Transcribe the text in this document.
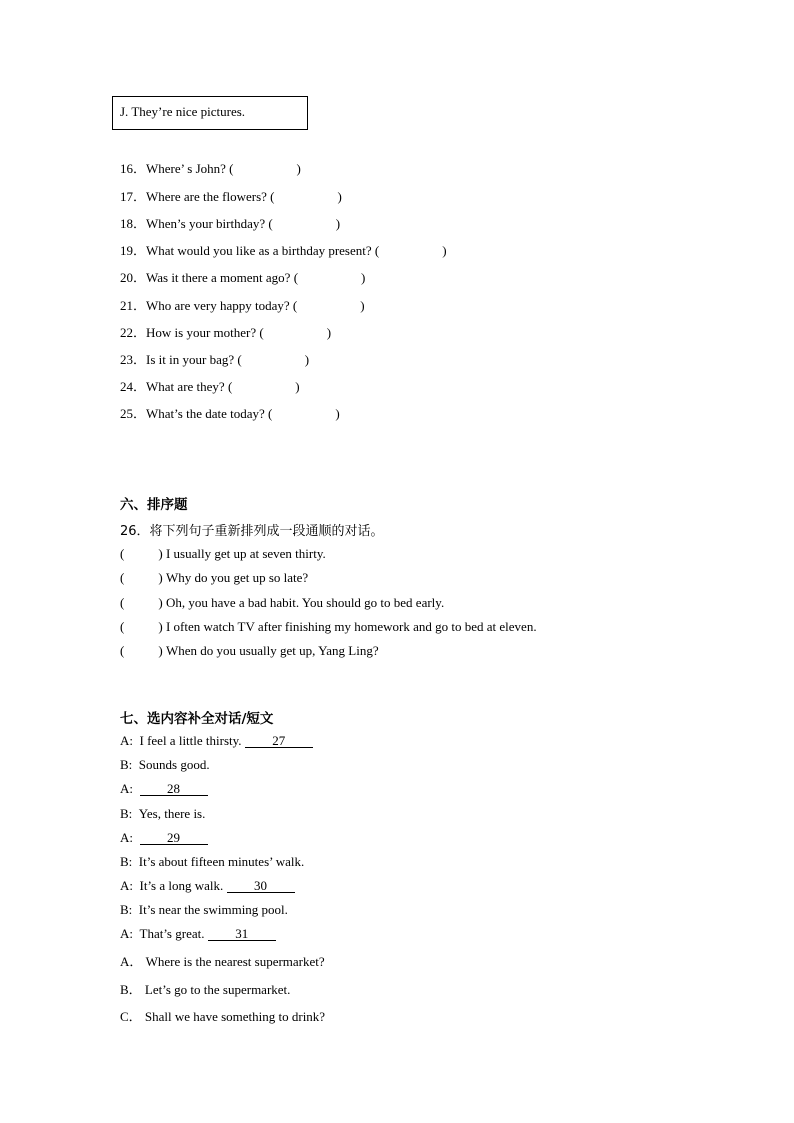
J. They’re nice pictures.
16．Where’ s John? (	)
17．Where are the flowers? (	)
18．When’s your birthday? (	)
19．What would you like as a birthday present? (	)
20．Was it there a moment ago? (	)
21．Who are very happy today? (	)
22．How is your mother? (	)
23．Is it in your bag? (	)
24．What are they? (	)
25．What’s the date today? (	)
六、排序题
26．将下列句子重新排列成一段通顺的对话。
(	) I usually get up at seven thirty.
(	) Why do you get up so late?
(	) Oh, you have a bad habit. You should go to bed early.
(	) I often watch TV after finishing my homework and go to bed at eleven.
(	) When do you usually get up, Yang Ling?
七、选内容补全对话/短文
A: I feel a little thirsty. 27
B: Sounds good.
A:	28
B: Yes, there is.
A:	29
B: It’s about fifteen minutes’ walk.
A: It’s a long walk. 30
B: It’s near the swimming pool.
A: That’s great. 31
A． Where is the nearest supermarket?
B． Let’s go to the supermarket.
C． Shall we have something to drink?
